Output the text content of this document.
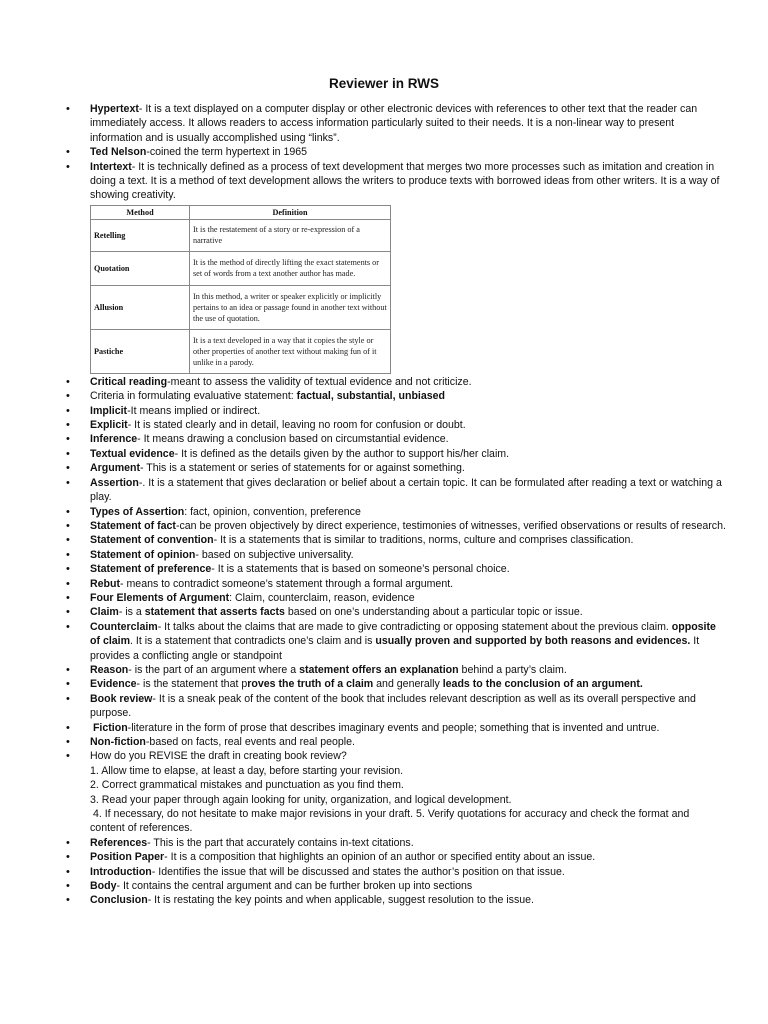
Reviewer in RWS
• Hypertext- It is a text displayed on a computer display or other electronic devices with references to other text that the reader can immediately access. It allows readers to access information particularly suited to their needs. It is a non-linear way to present information and is usually accomplished using “links”.
• Ted Nelson-coined the term hypertext in 1965
• Intertext- It is technically defined as a process of text development that merges two more processes such as imitation and creation in doing a text. It is a method of text development allows the writers to produce texts with borrowed ideas from other writers. It is a way of showing creativity.
Method	Definition
Retelling	It is the restatement of a story or re-expression of a narrative
Quotation	It is the method of directly lifting the exact statements or set of words from a text another author has made.
Allusion	In this method, a writer or speaker explicitly or implicitly pertains to an idea or passage found in another text without the use of quotation.
Pastiche	It is a text developed in a way that it copies the style or other properties of another text without making fun of it unlike in a parody.
• Critical reading-meant to assess the validity of textual evidence and not criticize.
• Criteria in formulating evaluative statement: factual, substantial, unbiased
• Implicit-It means implied or indirect.
• Explicit- It is stated clearly and in detail, leaving no room for confusion or doubt.
• Inference- It means drawing a conclusion based on circumstantial evidence.
• Textual evidence- It is defined as the details given by the author to support his/her claim.
• Argument- This is a statement or series of statements for or against something.
• Assertion-. It is a statement that gives declaration or belief about a certain topic. It can be formulated after reading a text or watching a play.
• Types of Assertion: fact, opinion, convention, preference
• Statement of fact-can be proven objectively by direct experience, testimonies of witnesses, verified observations or results of research.
• Statement of convention- It is a statements that is similar to traditions, norms, culture and comprises classification.
• Statement of opinion- based on subjective universality.
• Statement of preference- It is a statements that is based on someone’s personal choice.
• Rebut- means to contradict someone’s statement through a formal argument.
• Four Elements of Argument: Claim, counterclaim, reason, evidence
• Claim- is a statement that asserts facts based on one’s understanding about a particular topic or issue.
• Counterclaim- It talks about the claims that are made to give contradicting or opposing statement about the previous claim. opposite of claim. It is a statement that contradicts one’s claim and is usually proven and supported by both reasons and evidences. It provides a conflicting angle or standpoint
• Reason- is the part of an argument where a statement offers an explanation behind a party’s claim.
• Evidence- is the statement that proves the truth of a claim and generally leads to the conclusion of an argument.
• Book review- It is a sneak peak of the content of the book that includes relevant description as well as its overall perspective and purpose.
•  Fiction-literature in the form of prose that describes imaginary events and people; something that is invented and untrue.
• Non-fiction-based on facts, real events and real people.
• How do you REVISE the draft in creating book review?
1. Allow time to elapse, at least a day, before starting your revision.
2. Correct grammatical mistakes and punctuation as you find them.
3. Read your paper through again looking for unity, organization, and logical development.
4. If necessary, do not hesitate to make major revisions in your draft. 5. Verify quotations for accuracy and check the format and content of references.
• References- This is the part that accurately contains in-text citations.
• Position Paper- It is a composition that highlights an opinion of an author or specified entity about an issue.
• Introduction- Identifies the issue that will be discussed and states the author’s position on that issue.
• Body- It contains the central argument and can be further broken up into sections
• Conclusion- It is restating the key points and when applicable, suggest resolution to the issue.
